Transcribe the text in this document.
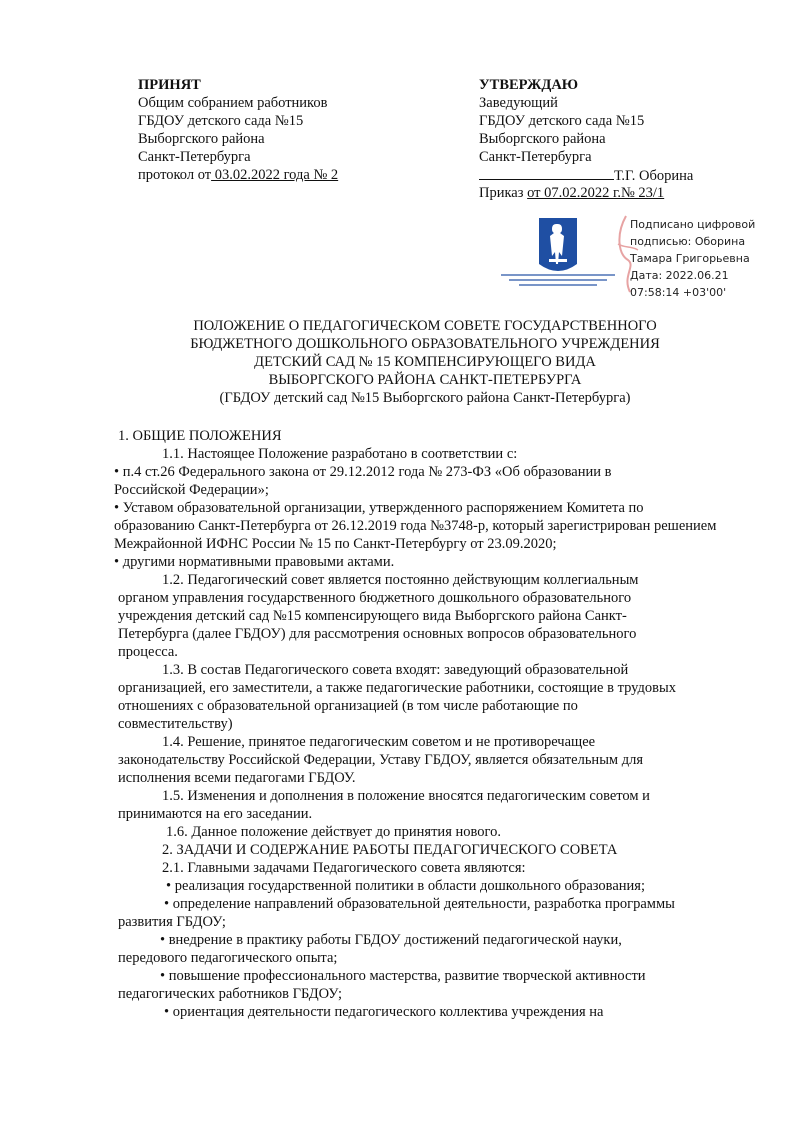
ПРИНЯТ
Общим собранием работников
ГБДОУ детского сада №15
Выборгского района
Санкт-Петербурга
протокол от 03.02.2022 года № 2
УТВЕРЖДАЮ
Заведующий
ГБДОУ детского сада №15
Выборгского района
Санкт-Петербурга
Т.Г. Оборина
Приказ от 07.02.2022 г.№ 23/1
Подписано цифровой
подписью: Оборина
Тамара Григорьевна
Дата: 2022.06.21
07:58:14 +03'00'
ПОЛОЖЕНИЕ О ПЕДАГОГИЧЕСКОМ СОВЕТЕ ГОСУДАРСТВЕННОГО
БЮДЖЕТНОГО ДОШКОЛЬНОГО ОБРАЗОВАТЕЛЬНОГО УЧРЕЖДЕНИЯ
ДЕТСКИЙ САД № 15 КОМПЕНСИРУЮЩЕГО ВИДА
ВЫБОРГСКОГО РАЙОНА САНКТ-ПЕТЕРБУРГА
(ГБДОУ детский сад №15 Выборгского района Санкт-Петербурга)
1. ОБЩИЕ ПОЛОЖЕНИЯ
1.1. Настоящее Положение разработано в соответствии с:
• п.4 ст.26 Федерального закона от 29.12.2012 года № 273-ФЗ «Об образовании в
Российской Федерации»;
• Уставом образовательной организации, утвержденного распоряжением Комитета по
образованию Санкт-Петербурга от 26.12.2019 года №3748-р, который зарегистрирован решением
Межрайонной ИФНС России № 15 по Санкт-Петербургу от 23.09.2020;
• другими нормативными правовыми актами.
1.2. Педагогический совет является постоянно действующим коллегиальным
органом управления государственного бюджетного дошкольного образовательного
учреждения детский сад №15 компенсирующего вида Выборгского района Санкт-
Петербурга (далее ГБДОУ) для рассмотрения основных вопросов образовательного
процесса.
1.3. В состав Педагогического совета входят: заведующий образовательной
организацией, его заместители, а также педагогические работники, состоящие в трудовых
отношениях с образовательной организацией (в том числе работающие по
совместительству)
1.4. Решение, принятое педагогическим советом и не противоречащее
законодательству Российской Федерации, Уставу ГБДОУ, является обязательным для
исполнения всеми педагогами ГБДОУ.
1.5. Изменения и дополнения в положение вносятся педагогическим советом и
принимаются на его заседании.
1.6. Данное положение действует до принятия нового.
2. ЗАДАЧИ И СОДЕРЖАНИЕ РАБОТЫ ПЕДАГОГИЧЕСКОГО СОВЕТА
2.1. Главными задачами Педагогического совета являются:
• реализация государственной политики в области дошкольного образования;
• определение направлений образовательной деятельности, разработка программы
развития ГБДОУ;
• внедрение в практику работы ГБДОУ достижений педагогической науки,
передового педагогического опыта;
• повышение профессионального мастерства, развитие творческой активности
педагогических работников ГБДОУ;
• ориентация деятельности педагогического коллектива учреждения на
